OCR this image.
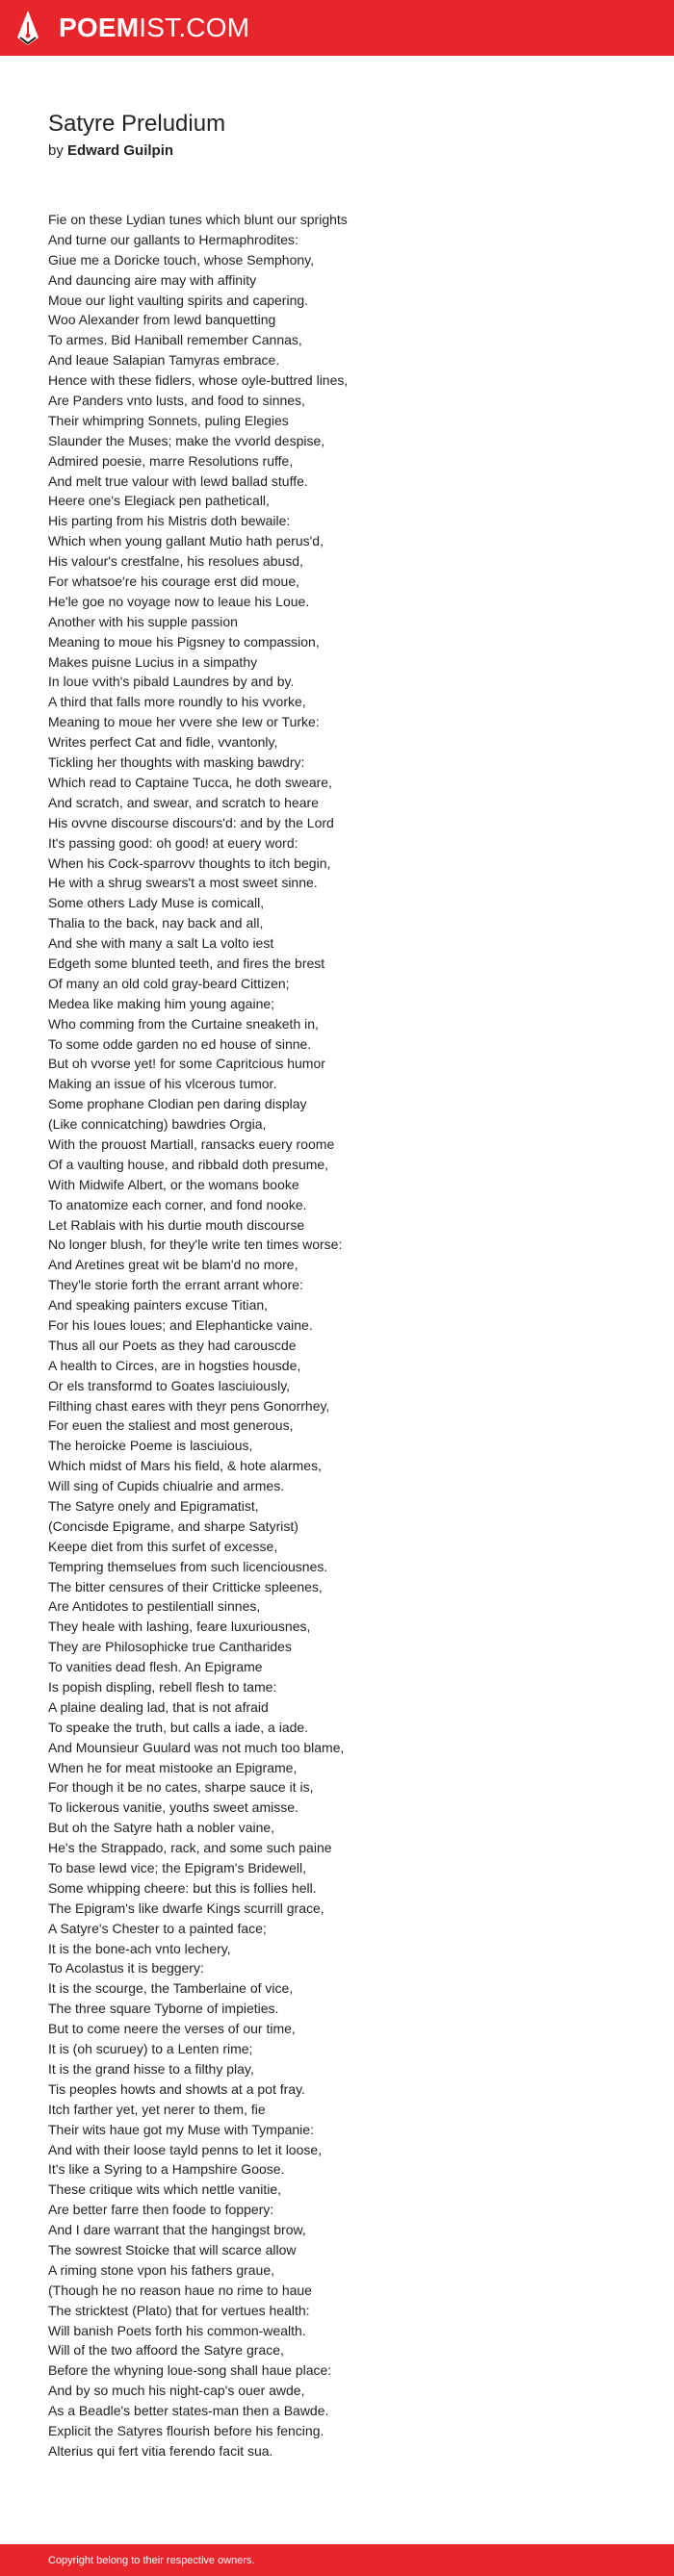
POEMIST.COM
Satyre Preludium
by Edward Guilpin
Fie on these Lydian tunes which blunt our sprights
And turne our gallants to Hermaphrodites:
Giue me a Doricke touch, whose Semphony,
And dauncing aire may with affinity
Moue our light vaulting spirits and capering.
Woo Alexander from lewd banquetting
To armes. Bid Haniball remember Cannas,
And leaue Salapian Tamyras embrace.
Hence with these fidlers, whose oyle-buttred lines,
Are Panders vnto lusts, and food to sinnes,
Their whimpring Sonnets, puling Elegies
Slaunder the Muses; make the vvorld despise,
Admired poesie, marre Resolutions ruffe,
And melt true valour with lewd ballad stuffe.
Heere one's Elegiack pen patheticall,
His parting from his Mistris doth bewaile:
Which when young gallant Mutio hath perus'd,
His valour's crestfalne, his resolues abusd,
For whatsoe're his courage erst did moue,
He'le goe no voyage now to leaue his Loue.
Another with his supple passion
Meaning to moue his Pigsney to compassion,
Makes puisne Lucius in a simpathy
In loue vvith's pibald Laundres by and by.
A third that falls more roundly to his vvorke,
Meaning to moue her vvere she Iew or Turke:
Writes perfect Cat and fidle, vvantonly,
Tickling her thoughts with masking bawdry:
Which read to Captaine Tucca, he doth sweare,
And scratch, and swear, and scratch to heare
His ovvne discourse discours'd: and by the Lord
It's passing good: oh good! at euery word:
When his Cock-sparrovv thoughts to itch begin,
He with a shrug swears't a most sweet sinne.
Some others Lady Muse is comicall,
Thalia to the back, nay back and all,
And she with many a salt La volto iest
Edgeth some blunted teeth, and fires the brest
Of many an old cold gray-beard Cittizen;
Medea like making him young againe;
Who comming from the Curtaine sneaketh in,
To some odde garden no ed house of sinne.
But oh vvorse yet! for some Capritcious humor
Making an issue of his vlcerous tumor.
Some prophane Clodian pen daring display
(Like connicatching) bawdries Orgia,
With the prouost Martiall, ransacks euery roome
Of a vaulting house, and ribbald doth presume,
With Midwife Albert, or the womans booke
To anatomize each corner, and fond nooke.
Let Rablais with his durtie mouth discourse
No longer blush, for they'le write ten times worse:
And Aretines great wit be blam'd no more,
They'le storie forth the errant arrant whore:
And speaking painters excuse Titian,
For his Ioues loues; and Elephanticke vaine.
Thus all our Poets as they had carouscde
A health to Circes, are in hogsties housde,
Or els transformd to Goates lasciuiously,
Filthing chast eares with theyr pens Gonorrhey,
For euen the staliest and most generous,
The heroicke Poeme is lasciuious,
Which midst of Mars his field, & hote alarmes,
Will sing of Cupids chiualrie and armes.
The Satyre onely and Epigramatist,
(Concisde Epigrame, and sharpe Satyrist)
Keepe diet from this surfet of excesse,
Tempring themselues from such licenciousnes.
The bitter censures of their Critticke spleenes,
Are Antidotes to pestilentiall sinnes,
They heale with lashing, feare luxuriousnes,
They are Philosophicke true Cantharides
To vanities dead flesh. An Epigrame
Is popish displing, rebell flesh to tame:
A plaine dealing lad, that is not afraid
To speake the truth, but calls a iade, a iade.
And Mounsieur Guulard was not much too blame,
When he for meat mistooke an Epigrame,
For though it be no cates, sharpe sauce it is,
To lickerous vanitie, youths sweet amisse.
But oh the Satyre hath a nobler vaine,
He's the Strappado, rack, and some such paine
To base lewd vice; the Epigram's Bridewell,
Some whipping cheere: but this is follies hell.
The Epigram's like dwarfe Kings scurrill grace,
A Satyre's Chester to a painted face;
It is the bone-ach vnto lechery,
To Acolastus it is beggery:
It is the scourge, the Tamberlaine of vice,
The three square Tyborne of impieties.
But to come neere the verses of our time,
It is (oh scuruey) to a Lenten rime;
It is the grand hisse to a filthy play,
Tis peoples howts and showts at a pot fray.
Itch farther yet, yet nerer to them, fie
Their wits haue got my Muse with Tympanie:
And with their loose tayld penns to let it loose,
It's like a Syring to a Hampshire Goose.
These critique wits which nettle vanitie,
Are better farre then foode to foppery:
And I dare warrant that the hangingst brow,
The sowrest Stoicke that will scarce allow
A riming stone vpon his fathers graue,
(Though he no reason haue no rime to haue
The stricktest (Plato) that for vertues health:
Will banish Poets forth his common-wealth.
Will of the two affoord the Satyre grace,
Before the whyning loue-song shall haue place:
And by so much his night-cap's ouer awde,
As a Beadle's better states-man then a Bawde.
Explicit the Satyres flourish before his fencing.
Alterius qui fert vitia ferendo facit sua.
Copyright belong to their respective owners.
